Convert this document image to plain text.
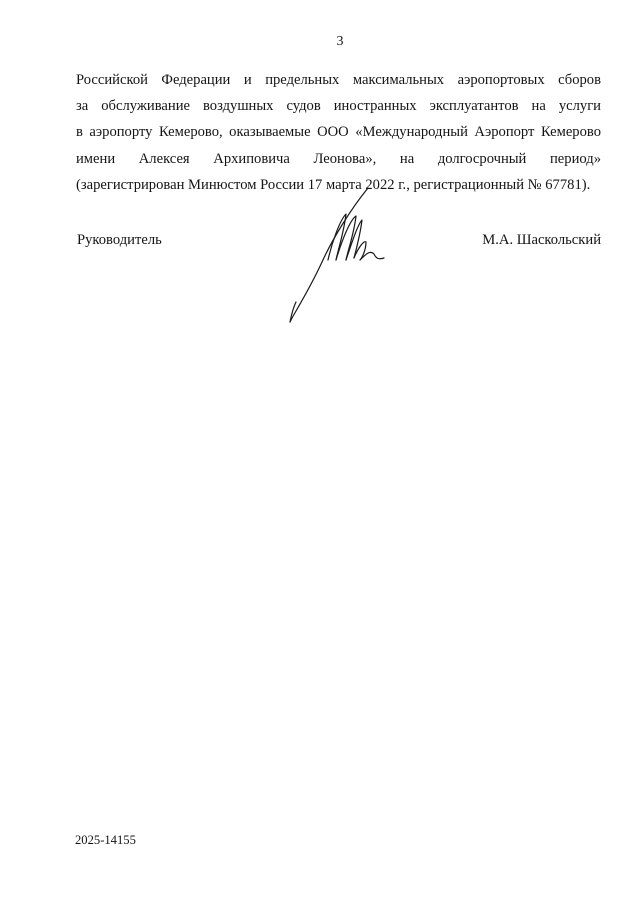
3
Российской Федерации и предельных максимальных аэропортовых сборов
за обслуживание воздушных судов иностранных эксплуатантов на услуги
в аэропорту Кемерово, оказываемые ООО «Международный Аэропорт Кемерово
имени Алексея Архиповича Леонова», на долгосрочный период»
(зарегистрирован Минюстом России 17 марта 2022 г., регистрационный № 67781).
Руководитель	М.А. Шаскольский
2025-14155
